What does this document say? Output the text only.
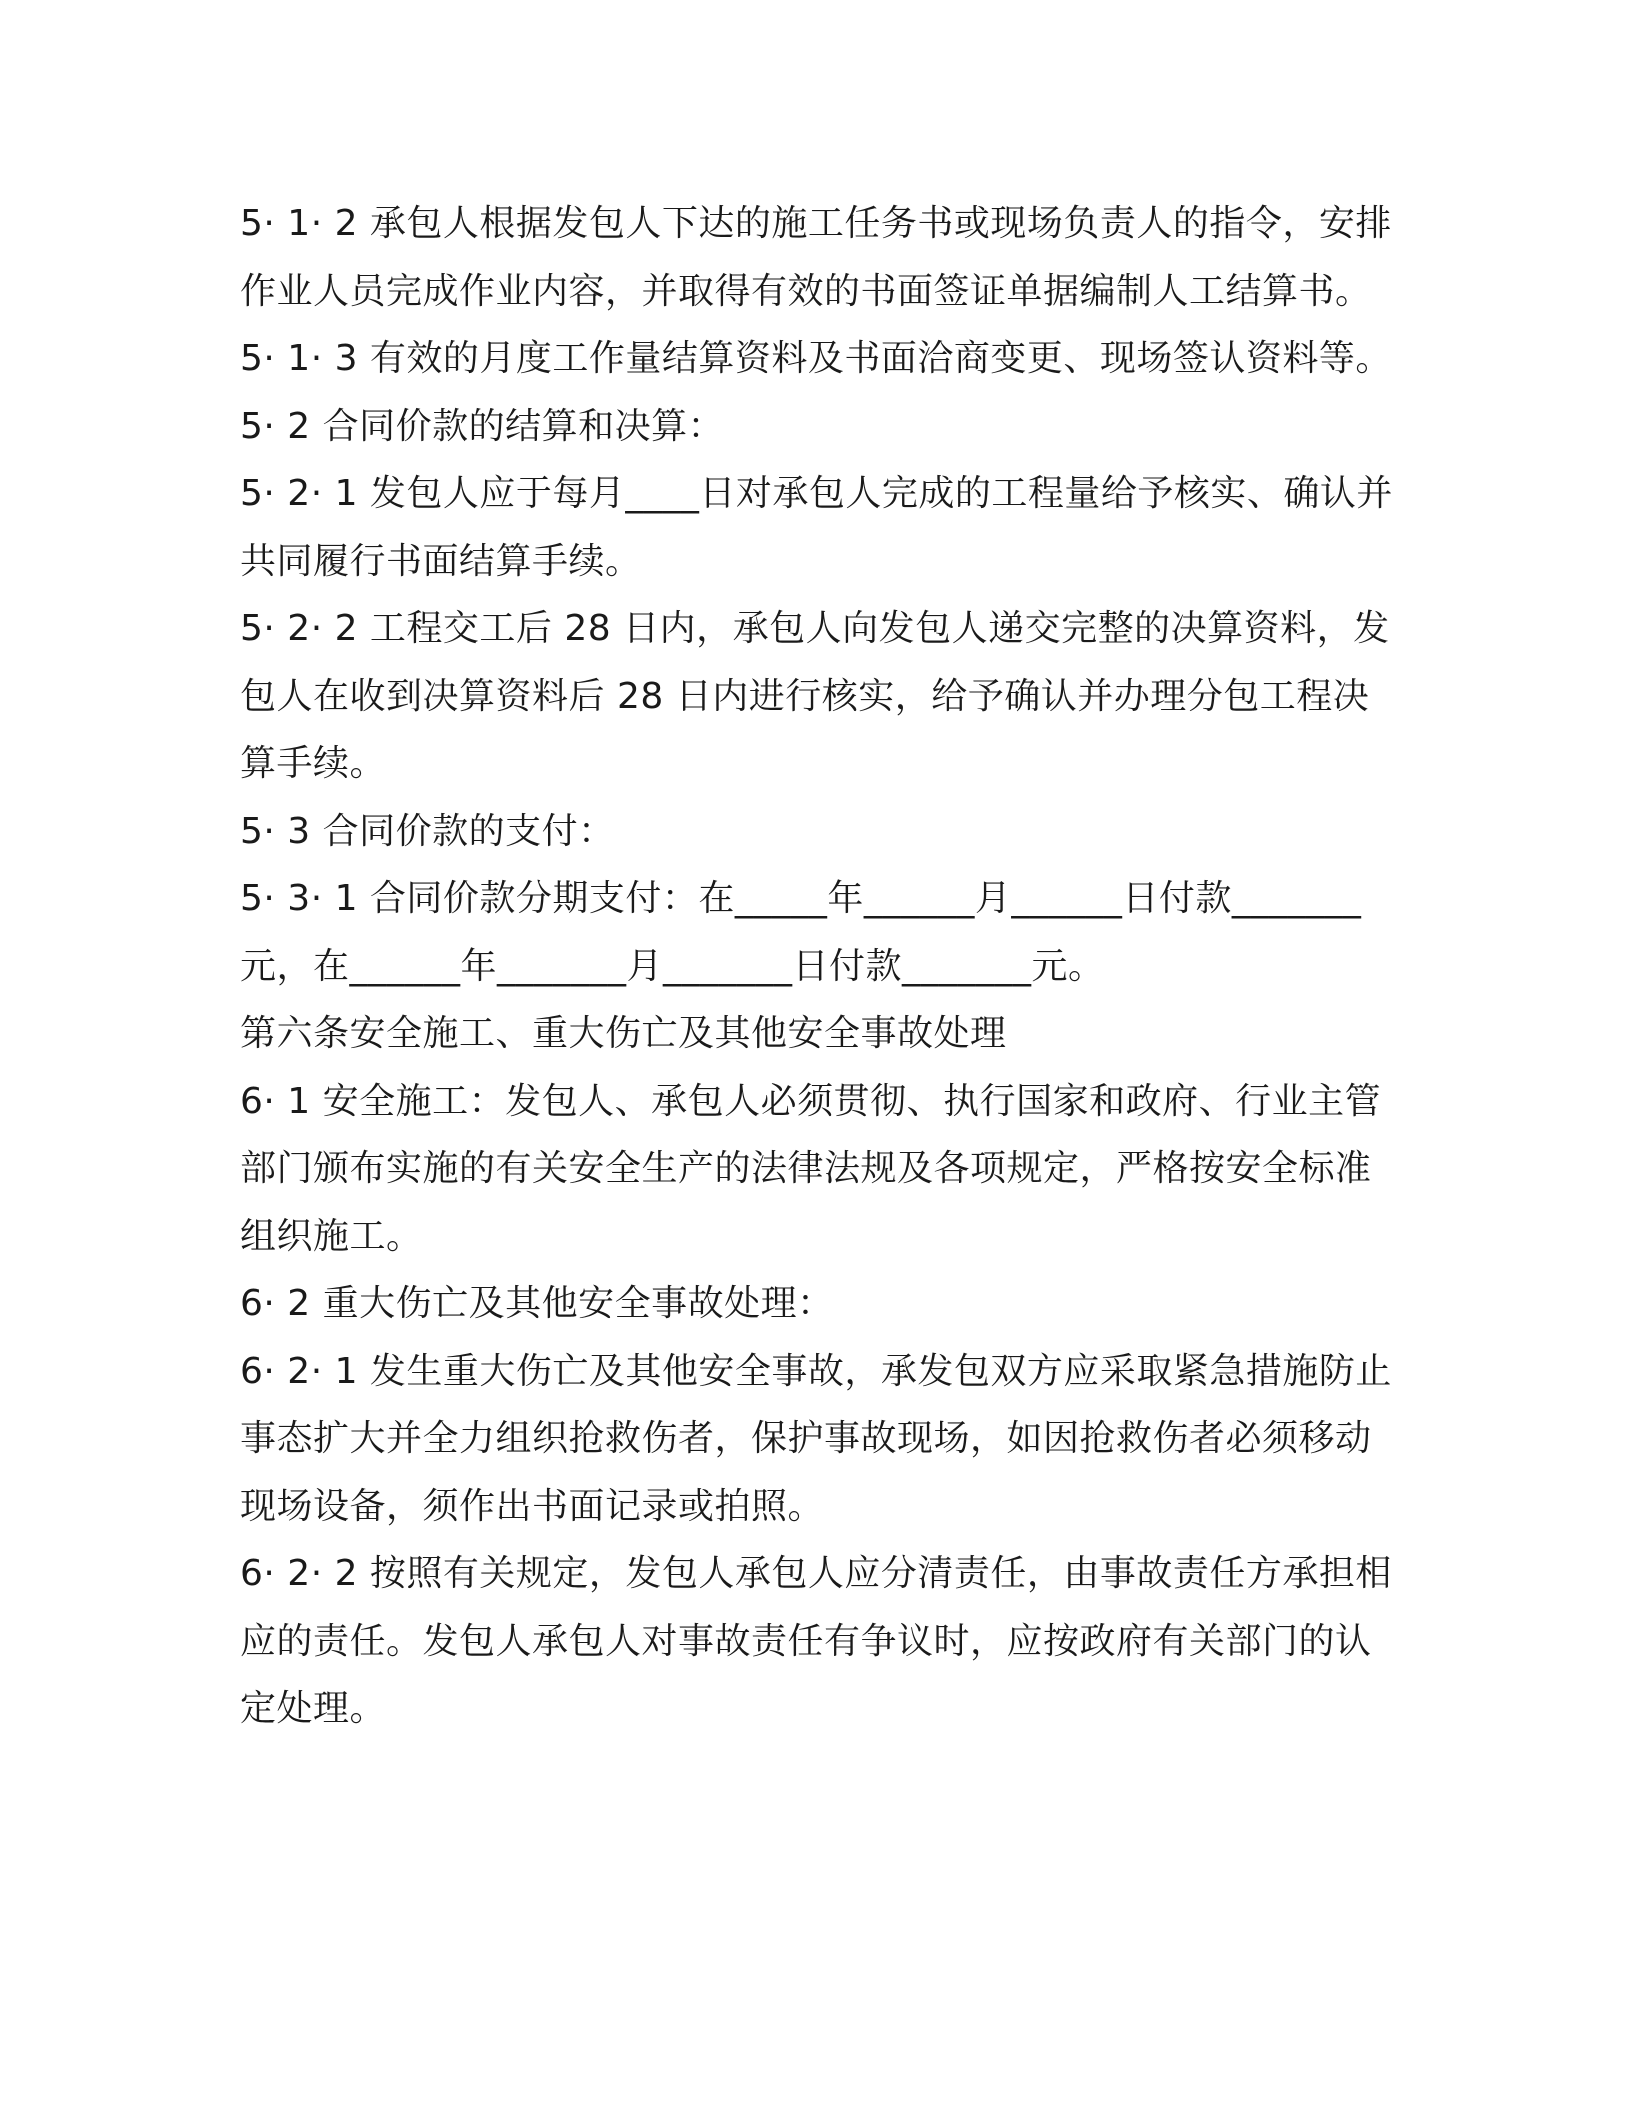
5· 1· 2 承包人根据发包人下达的施工任务书或现场负责人的指令，安排作业人员完成作业内容，并取得有效的书面签证单据编制人工结算书。

5· 1· 3 有效的月度工作量结算资料及书面洽商变更、现场签认资料等。

5· 2 合同价款的结算和决算：

5· 2· 1 发包人应于每月____日对承包人完成的工程量给予核实、确认并共同履行书面结算手续。

5· 2· 2 工程交工后 28 日内，承包人向发包人递交完整的决算资料，发包人在收到决算资料后 28 日内进行核实，给予确认并办理分包工程决算手续。

5· 3 合同价款的支付：

5· 3· 1 合同价款分期支付：在_____年______月______日付款_______元，在______年_______月_______日付款_______元。

第六条安全施工、重大伤亡及其他安全事故处理

6· 1 安全施工：发包人、承包人必须贯彻、执行国家和政府、行业主管部门颁布实施的有关安全生产的法律法规及各项规定，严格按安全标准组织施工。

6· 2 重大伤亡及其他安全事故处理：

6· 2· 1 发生重大伤亡及其他安全事故，承发包双方应采取紧急措施防止事态扩大并全力组织抢救伤者，保护事故现场，如因抢救伤者必须移动现场设备，须作出书面记录或拍照。

6· 2· 2 按照有关规定，发包人承包人应分清责任，由事故责任方承担相应的责任。发包人承包人对事故责任有争议时，应按政府有关部门的认定处理。
